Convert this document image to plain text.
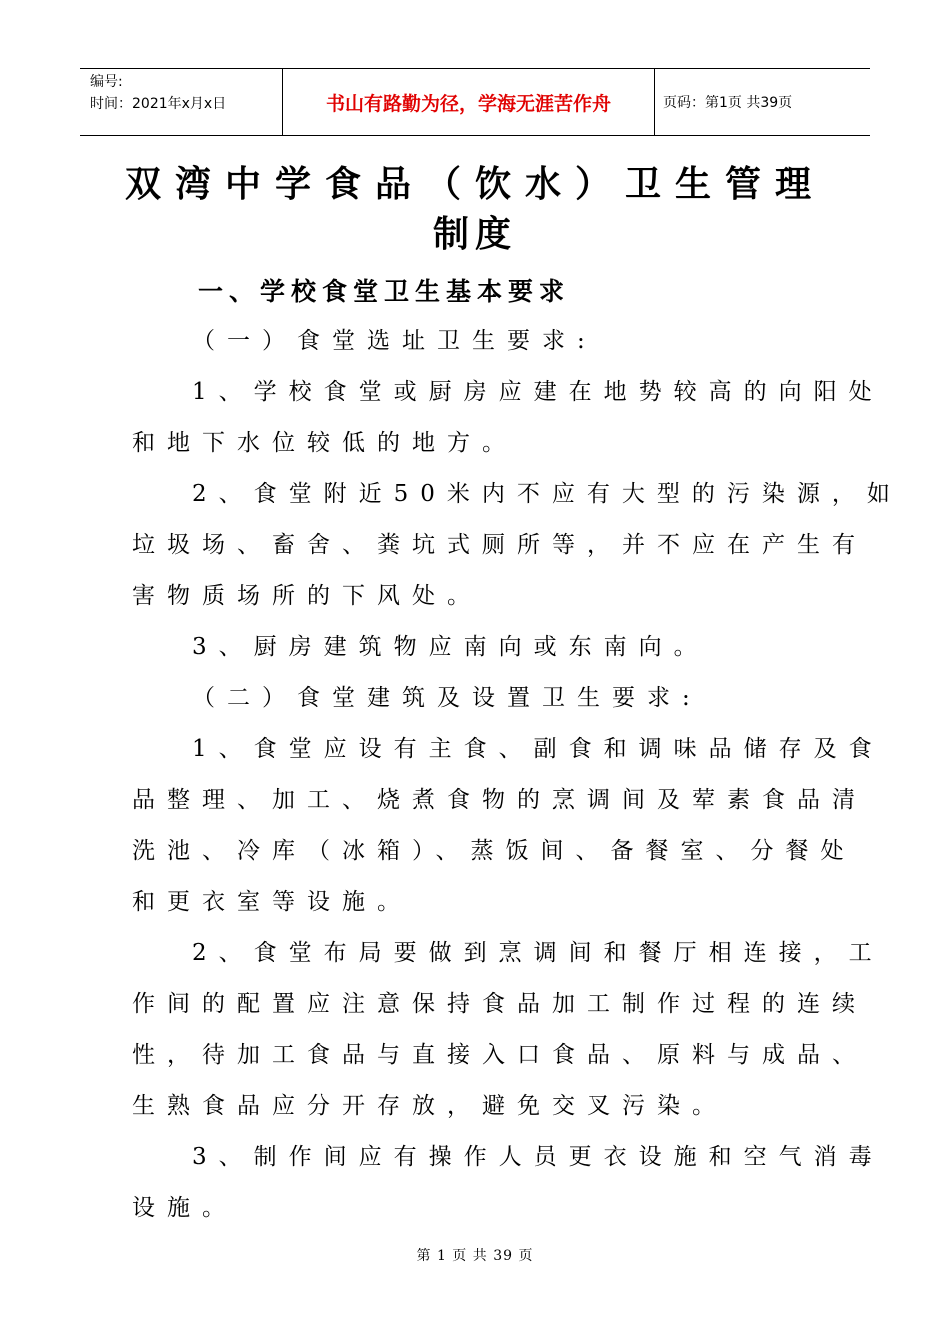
编号:
时间：2021年x月x日	书山有路勤为径，学海无涯苦作舟	页码：第1页 共39页
双湾中学食品（饮水）卫生管理
制度
一、学校食堂卫生基本要求
（一）食堂选址卫生要求:
1、学校食堂或厨房应建在地势较高的向阳处
和地下水位较低的地方。
2、食堂附近50米内不应有大型的污染源，如
垃圾场、畜舍、粪坑式厕所等，并不应在产生有
害物质场所的下风处。
3、厨房建筑物应南向或东南向。
（二）食堂建筑及设置卫生要求:
1、食堂应设有主食、副食和调味品储存及食
品整理、加工、烧煮食物的烹调间及荤素食品清
洗池、冷库（冰箱）、蒸饭间、备餐室、分餐处
和更衣室等设施。
2、食堂布局要做到烹调间和餐厅相连接，工
作间的配置应注意保持食品加工制作过程的连续
性，待加工食品与直接入口食品、原料与成品、
生熟食品应分开存放，避免交叉污染。
3、制作间应有操作人员更衣设施和空气消毒
设施。
第 1 页 共 39 页
